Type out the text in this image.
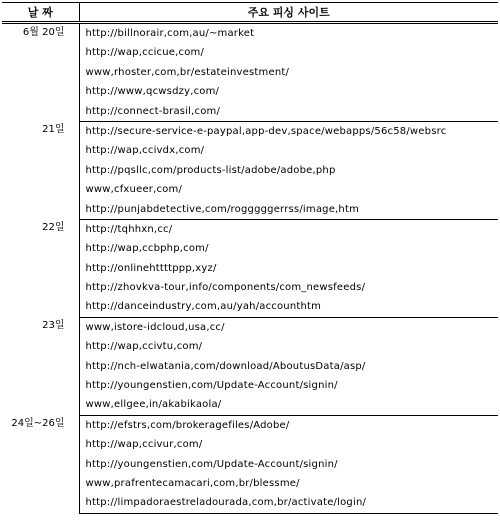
날 짜	주요 피싱 사이트
6월 20일	http://billnorair,com,au/~market
	http://wap,ccicue,com/
	www,rhoster,com,br/estateinvestment/
	http://www,qcwsdzy,com/
	http://connect-brasil,com/
21일	http://secure-service-e-paypal,app-dev,space/webapps/56c58/websrc
	http://wap,ccivdx,com/
	http://pqsllc,com/products-list/adobe/adobe,php
	www,cfxueer,com/
	http://punjabdetective,com/rogggggerrss/image,htm
22일	http://tqhhxn,cc/
	http://wap,ccbphp,com/
	http://onlinehttttppp,xyz/
	http://zhovkva-tour,info/components/com_newsfeeds/
	http://danceindustry,com,au/yah/accounthtm
23일	www,istore-idcloud,usa,cc/
	http://wap,ccivtu,com/
	http://nch-elwatania,com/download/AboutusData/asp/
	http://youngenstien,com/Update-Account/signin/
	www,ellgee,in/akabikaola/
24일~26일	http://efstrs,com/brokeragefiles/Adobe/
	http://wap,ccivur,com/
	http://youngenstien,com/Update-Account/signin/
	www,prafrentecamacari,com,br/blessme/
	http://limpadoraestreladourada,com,br/activate/login/
